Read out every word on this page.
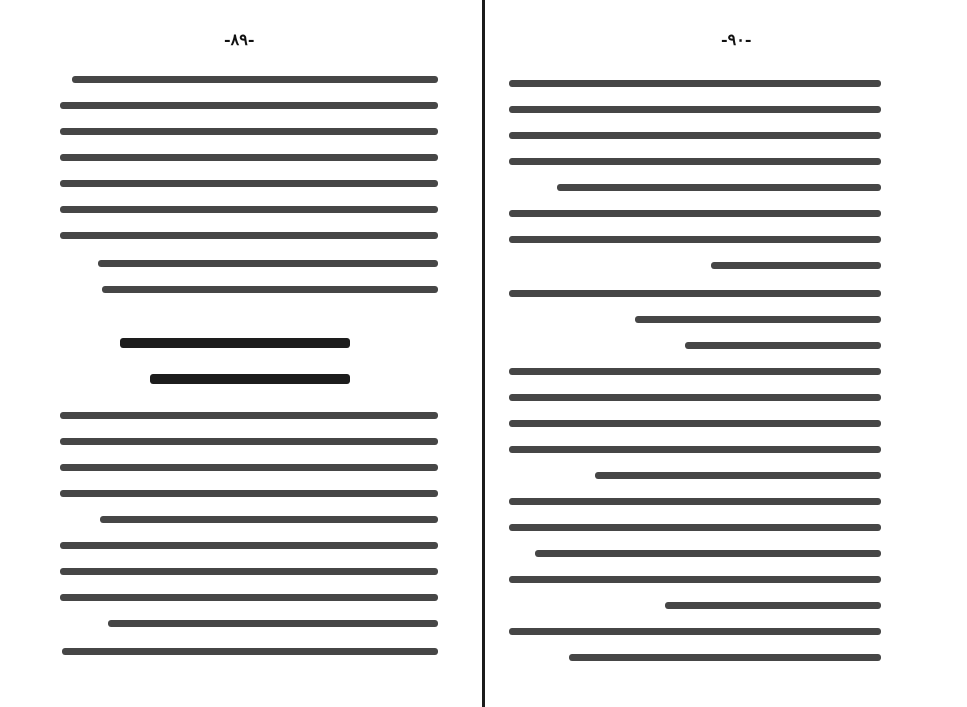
-٨٩-	-٩٠-
